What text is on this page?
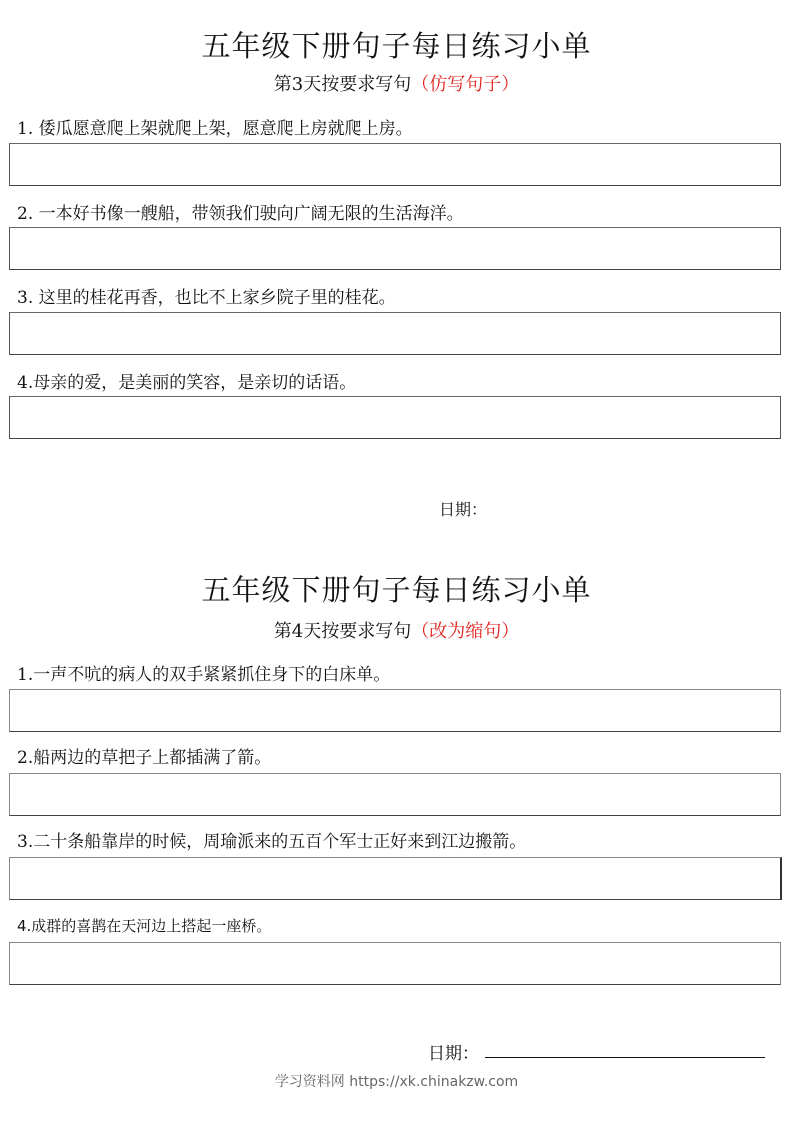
五年级下册句子每日练习小单
第3天按要求写句（仿写句子）
1. 倭瓜愿意爬上架就爬上架，愿意爬上房就爬上房。
2. 一本好书像一艘船，带领我们驶向广阔无限的生活海洋。
3. 这里的桂花再香，也比不上家乡院子里的桂花。
4.母亲的爱，是美丽的笑容，是亲切的话语。
日期：
五年级下册句子每日练习小单
第4天按要求写句（改为缩句）
1.一声不吭的病人的双手紧紧抓住身下的白床单。
2.船两边的草把子上都插满了箭。
3.二十条船靠岸的时候，周瑜派来的五百个军士正好来到江边搬箭。
4.成群的喜鹊在天河边上搭起一座桥。
日期：
学习资料网 https://xk.chinakzw.com
